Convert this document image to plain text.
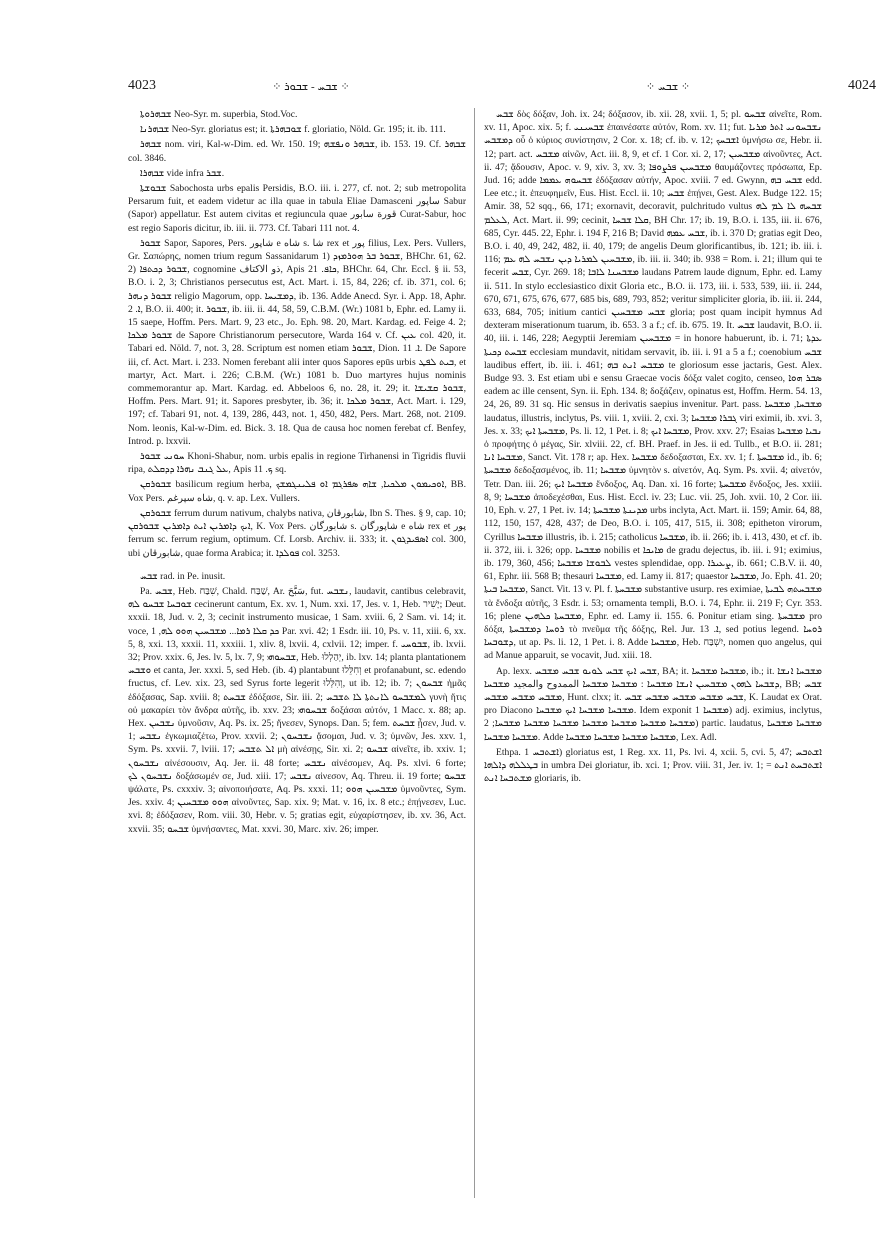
4023	⁘ ܫܒܚ - ܫܒܘܪ ⁘	⁘ ܫܒܚ ⁘	4024

ܫܒܗܪܘܬܐ Neo-Syr. m. superbia, Stod.Voc.

ܫܒܗܪܢܐ Neo-Syr. gloriatus est; it. ܫܘܒܗܪܬܐ f. gloriatio, Nöld. Gr. 195; it. ib. 111.

ܫܒܗܪ nom. viri, Kal-w-Dim. ed. Wr. 150. 19; ܫܒܗܪ ܘܢܦܫܗ, ib. 153. 19. Cf. ܫܒܗܪ col. 3846.

ܫܒܗܪܐ vide infra ܫܒܪ.

ܫܒܘܫܬܐ Sabochosta urbs epalis Persidis, B.O. iii. i. 277, cf. not. 2; sub metropolita Persarum fuit, et eadem videtur ac illa quae in tabula Eliae Damasceni ساپور Sabur (Sapor) appellatur. Est autem civitas et regiuncula quae قورة سابور Curat-Sabur, hoc est regio Saporis dicitur, ib. iii. ii. 773. Cf. Tabari 111 not. 4.

ܫܒܘܪ Sapor, Sapores, Pers. شاپور e شاه s. شا rex et پور filius, Lex. Pers. Vullers, Gr. Σαπώρης, nomen trium regum Sassanidarum 1) ܫܒܘܪ ܒܪ ܗܘܪܡܙܕ, BHChr. 61, 62. 2) ܫܒܘܪ ܕܟܬܦܐ, cognomine ذو الاكتاف, Apis ܟܐܦ. 21, BHChr. 64, Chr. Eccl. § ii. 53, B.O. i. 2, 3; Christianos persecutus est, Act. Mart. i. 15, 84, 226; cf. ib. 371, col. 6; ܫܒܘܪ ܕܢܗܪ religio Magorum, opp. ܕܡܫܝܚܐ, ib. 136. Adde Anecd. Syr. i. App. 18, Aphr. ܐ. 2, B.O. ii. 400; it. ܫܒܘܪ, ib. iii. ii. 44, 58, 59, C.B.M. (Wr.) 1081 b, Ephr. ed. Lamy ii. 15 saepe, Hoffm. Pers. Mart. 9, 23 etc., Jo. Eph. 98. 20, Mart. Kardag. ed. Feige 4. 2; ܫܒܘܪ ܡܠܟܐ de Sapore Christianorum persecutore, Warda 164 v. Cf. ܥܝܢ col. 420, it. Tabari ed. Nöld. 7, not. 3, 28. Scriptum est nomen etiam ܫܒܘܪ, Dion. ܐ. 11. De Sapore iii, cf. Act. Mart. i. 233. Nomen ferebant alii inter quos Sapores epūs urbis ܒܝܬ ܠܦܛ, et martyr, Act. Mart. i. 226; C.B.M. (Wr.) 1081 b. Duo martyres hujus nominis commemorantur ap. Mart. Kardag. ed. Abbeloos 6, no. 28, it. 29; it. ܫܒܘܪ ܩܫܝܫܐ, Hoffm. Pers. Mart. 91; it. Sapores presbyter, ib. 36; it. ܫܒܘܪ ܡܠܟܐ, Act. Mart. i. 129, 197; cf. Tabari 91, not. 4, 139, 286, 443, not. 1, 450, 482, Pers. Mart. 268, not. 2109. Nom. leonis, Kal-w-Dim. ed. Bick. 3. 18. Qua de causa hoc nomen ferebat cf. Benfey, Introd. p. lxxvii.

ܚܘܢܝ ܫܒܘܪ Khoni-Shabur, nom. urbis epalis in regione Tirhanensi in Tigridis fluvii ripa, ܥܠ ܓܢܒ ܢܗܪܐ ܕܕܩܠܬ, Apis ܟ. 11 sq.

ܫܒܘܪܩܢ basilicum regium herba, ܐܘܟܝܡܘܢ ܡܠܟܝܐ, ܫܐܗ ܣܦܪܓܡ ܐܘ ܦܠܝܢܓܡܫܟ, BB. Vox Pers. شاه سپرغم, q. v. ap. Lex. Vullers.

ܫܒܘܪܩܢ ferrum durum nativum, chalybs nativa, شابورقان, Ibn S. Thes. § 9, cap. 10; ܐܝܟ ܕܐܡܪܝܢ ܐܝܬ ܕܐܡܪܝܢ ܫܒܘܪܩܢ, K. Vox Pers. شابورگان s. شاپورگان e شاه rex et پور ferrum sc. ferrum regium, optimum. Cf. Lorsb. Archiv. ii. 333; it. ܐܣܦܝܕܓܘܢ col. 300, ubi شابورقان, quae forma Arabica; it. ܦܘܠܕܐ col. 3253.

ܫܒܚ rad. in Pe. inusit.

Pa. ܫܒܚ, Heb. שִׁבַּח, Chald. שַׁבַּח, Ar. سَبَّحَ, fut. ܢܫܒܚ, laudavit, cantibus celebravit, ܫܘܒܚܐ ܫܒܚܘ ܠܗ cecinerunt cantum, Ex. xv. 1, Num. xxi. 17, Jes. v. 1, Heb. יָשִׁיר; Deut. xxxii. 18, Jud. v. 2, 3; cecinit instrumento musicae, 1 Sam. xviii. 6, 2 Sam. vi. 14; it. voce, ܟܕ ܩܠܐ ܪܡܐ... ܡܫܒܚܝܢ ܗܘܘ ܠܗ, 1 Par. xvi. 42; 1 Esdr. iii. 10, Ps. v. 11, xiii. 6, xx. 5, 8, xxi. 13, xxxii. 11, xxxiii. 1, xliv. 8, lxvii. 4, cxlvii. 12; imper. f. ܫܒܘܚܝ, ib. lxvii. 32; Prov. xxix. 6, Jes. lv. 5, lx. 7, 9; ܫܒܚܘܗܝ, Heb. יְהַלְלוּ, ib. lxv. 14; planta plantationem ܘܫܒܚ et canta, Jer. xxxi. 5, sed Heb. (ib. 4) plantabunt וְחִלֵּלוּ et profanabunt, sc. edendo fructus, cf. Lev. xix. 23, sed Syrus forte legerit וְהִלְּלוּ, ut ib. 12; ib. 7; ܫܒܚܘܢ ἡμᾶς ἐδόξασας, Sap. xviii. 8; ܫܒܚܬ ἐδόξασε, Sir. iii. 2; ܠܡܫܒܚܘ ܠܐܢܬܬܐ ܠܐ ܬܫܒܚ γυνὴ ἥτις οὐ μακαρίει τὸν ἄνδρα αὐτῆς, ib. xxv. 23; ܫܒܚܘܗܝ δοξάσαι αὐτόν, 1 Macc. x. 88; ap. Hex. ܢܫܒܚܢ ὑμνοῦσιν, Aq. Ps. ix. 25; ἤνεσεν, Synops. Dan. 5; fem. ܫܒܚܬ ᾖσεν, Jud. v. 1; ܢܫܒܚ ἐγκωμιαζέτω, Prov. xxvii. 2; ܢܫܒܚܘܢ ᾄσομαι, Jud. v. 3; ὑμνῶν, Jes. xxv. 1, Sym. Ps. xxvii. 7, lviii. 17; ܐܠ ܬܫܒܚ μὴ αἰνέσῃς, Sir. xi. 2; ܫܒܚܘ αἰνεῖτε, ib. xxiv. 1; ܢܫܒܚܘܢ αἰνέσουσιν, Aq. Jer. ii. 48 forte; ܢܫܒܚ αἰνέσομεν, Aq. Ps. xlvi. 6 forte; ܢܫܒܚܘܢ ܠܟ δοξάσωμέν σε, Jud. xiii. 17; ܢܫܒܚ αἰνεσον, Aq. Threu. ii. 19 forte; ܫܒܚܘ ψάλατε, Ps. cxxxiv. 3; αἰνοποιήσατε, Aq. Ps. xxxi. 11; ܡܫܒܚܝܢ ܗܘܘ ὑμνοῦντες, Sym. Jes. xxiv. 4; ܗܘܘ ܡܫܒܚܝܢ αἰνοῦντες, Sap. xix. 9; Mat. v. 16, ix. 8 etc.; ἐπῄνεσεν, Luc. xvi. 8; ἐδόξασεν, Rom. viii. 30, Hebr. v. 5; gratias egit, εὐχαρίστησεν, ib. xv. 36, Act. xxvii. 35; ܫܒܚܘ ὑμνήσαντες, Mat. xxvi. 30, Marc. xiv. 26; imper.

ܫܒܚ δὸς δόξαν, Joh. ix. 24; δόξασον, ib. xii. 28, xvii. 1, 5; pl. ܫܒܚܘ αἰνεῖτε, Rom. xv. 11, Apoc. xix. 5; f. ܫܒܚܝܢܝ ἐπαινέσατε αὐτόν, Rom. xv. 11; fut. ܢܫܒܚܘܢܝ ܐܬܪ ܡܪܝܐ ܕܡܫܒܚ οὗ ὁ κύριος συνίστησιν, 2 Cor. x. 18; cf. ib. v. 12; ܐܫܒܚܟ ὑμνήσω σε, Hebr. ii. 12; part. act. ܡܫܒܚ αἰνῶν, Act. iii. 8, 9, et cf. 1 Cor. xi. 2, 17; ܡܫܒܚܝܢ αἰνοῦντες, Act. ii. 47; ᾄδουσιν, Apoc. v. 9, xiv. 3, xv. 3; ܡܫܒܚܝܢ ܦܪܨܘܦܐ θαυμάζοντες πρόσωπα, Ep. Jud. 16; adde ܫܒܚܘܗ ܥܡܡܐ ἐδόξασαν αὐτήν, Apoc. xviii. 7 ed. Gwynn, ܫܒܚ ܒܗ edd. Lee etc.; it. ἐπευφημεῖν, Eus. Hist. Eccl. ii. 10; ܫܒܚ ἐπῄνει, Gest. Alex. Budge 122. 15; Amir. 38, 52 sqq., 66, 171; exornavit, decoravit, pulchritudo vultus ܫܒܚܗ ܠܐ ܠܡ ܠܗ ܠܥܠܡ, Act. Mart. ii. 99; cecinit, ܩܠܐ ܫܒܚܐ, BH Chr. 17; ib. 19, B.O. i. 135, iii. ii. 676, 685, Cyr. 445. 22, Ephr. i. 194 F, 216 B; David ܫܒܚ ܥܡܗ, ib. i. 370 D; gratias egit Deo, B.O. i. 40, 49, 242, 482, ii. 40, 179; de angelis Deum glorificantibus, ib. 121; ib. iii. i. 116; ܡܫܒܚܝܢ ܠܡܪܝܐ ܕܝܢ ܢܫܒܚ ܠܗ ܥܡ, ib. iii. ii. 340; ib. 938 = Rom. i. 21; illum qui te fecerit ܫܒܚ, Cyr. 269. 18; ܡܫܒܚܢܐ ܠܐܒܐ laudans Patrem laude dignum, Ephr. ed. Lamy ii. 511. In stylo ecclesiastico dixit Gloria etc., B.O. ii. 173, iii. i. 533, 539, iii. ii. 244, 670, 671, 675, 676, 677, 685 bis, 689, 793, 852; veritur simpliciter gloria, ib. iii. ii. 244, 633, 684, 705; initium cantici ܫܒܚ ܡܫܒܚܝܢ gloria; post quam incipit hymnus Ad dexteram miserationum tuarum, ib. 653. 3 a f.; cf. ib. 675. 19. It. ܫܒܚ laudavit, B.O. ii. 40, iii. i. 146, 228; Aegyptii Jeremiam ܡܫܒܚܝܢ = in honore habuerunt, ib. i. 71; ܥܕܬܐ ܫܒܚܬ ܕܟܝܬܐ ecclesiam mundavit, nitidam servavit, ib. iii. i. 91 a 5 a f.; coenobium ܫܒܚ laudibus effert, ib. iii. i. 461; ܡܫܒܚ ܐܢܬ ܒܗ te gloriosum esse jactaris, Gest. Alex. Budge 93. 3. Est etiam ubi e sensu Graecae vocis δόξα valet cogito, censeo, ܣܒܪ ܗܘܐ eadem ac ille censent, Syn. ii. Eph. 134. 8; δοξάζειν, opinatus est, Hoffm. Herm. 54. 13, 24, 26, 89. 31 sq. Hic sensus in derivatis saepius invenitur. Part. pass. ܡܫܒܚܐ, ܡܫܒܚܐ laudatus, illustris, inclytus, Ps. viii. 1, xviii. 2, cxi. 3; ܓܒܪܐ ܡܫܒܚܐ viri eximii, ib. xvi. 3, Jes. x. 33; ܡܫܒܚܬܐ ܐܝܟ, Ps. li. 12, 1 Pet. i. 8; ܡܫܒܚܐ ܐܝܟ, Prov. xxv. 27; Esaias ܢܒܝܐ ܡܫܒܚܐ ὁ προφήτης ὁ μέγας, Sir. xlviii. 22, cf. BH. Praef. in Jes. ii ed. Tullb., et B.O. ii. 281; ܡܫܒܚܐ ܐܢܐ, Sanct. Vit. 178 r; ap. Hex. ܡܫܒܚܐ δεδοξασται, Ex. xv. 1; f. ܡܫܒܚܬܐ id., ib. 6; ܡܫܒܚܬܐ δεδοξασμένος, ib. 11; ܡܫܒܚܐ ὑμνητὸν s. αἰνετόν, Aq. Sym. Ps. xvii. 4; αἰνετόν, Tetr. Dan. iii. 26; ܡܫܒܚܐ ܐܝܟ ἔνδοξος, Aq. Dan. xi. 16 forte; ܡܫܒܚܬܐ ἔνδοξος, Jes. xxiii. 8, 9; ܡܫܒܚܐ ἀποδεχέσθαι, Eus. Hist. Eccl. iv. 23; Luc. vii. 25, Joh. xvii. 10, 2 Cor. iii. 10, Eph. v. 27, 1 Pet. iv. 14; ܡܕܝܢܬܐ ܡܫܒܚܬܐ urbs inclyta, Act. Mart. ii. 159; Amir. 64, 88, 112, 150, 157, 428, 437; de Deo, B.O. i. 105, 417, 515, ii. 308; epitheton virorum, Cyrillus ܡܫܒܚܐ illustris, ib. i. 215; catholicus ܡܫܒܚܐ, ib. ii. 266; ib. i. 413, 430, et cf. ib. ii. 372, iii. i. 326; opp. ܡܫܒܚܐ nobilis et ܡܐܝܟܐ de gradu dejectus, ib. iii. i. 91; eximius, ib. 179, 360, 456; ܠܒܘܫܐ ܡܫܒܚܐ vestes splendidae, opp. ܨܥܝܪܐ, ib. 661; C.B.V. ii. 40, 61, Ephr. iii. 568 B; thesauri ܡܫܒܚܐ, ed. Lamy ii. 817; quaestor ܡܫܒܚܐ, Jo. Eph. 41. 20; ܡܫܒܚܐ ܒܝܬܐ, Sanct. Vit. 13 v. Pl. f. ܡܫܒܚܬܐ substantive usurp. res eximiae, ܡܫܒܚܬܗ ܠܒܝܬܐ τὰ ἔνδοξα αὐτῆς, 3 Esdr. i. 53; ornamenta templi, B.O. i. 74, Ephr. ii. 219 F; Cyr. 353. 16; plene ܡܫܒܚܬܐ ܟܠܗܝܢ, Ephr. ed. Lamy ii. 155. 6. Ponitur etiam sing. ܡܫܒܚܬܐ pro δόξα, ܪܘܚܐ ܕܡܫܒܚܬܐ τὸ πνεῦμα τῆς δόξης, Rel. Jur. ܐ. 13, sed potius legend. ܪܘܚܐ ܕܫܘܒܚܐ, ut ap. Ps. li. 12, 1 Pet. i. 8. Adde ܡܫܒܚܐ, Heb. יִשְׁבַּח, nomen quo angelus, qui ad Manue apparuit, se vocavit, Jud. xiii. 18.

Ap. lexx. ܫܒܚ ܐܝܟ ܫܒܚ ܠܘܝܘ ܫܒܚ ܡܫܒܚ, BA; it. ܡܫܒܚܐ ܡܫܒܚܐ, ib.; it. ܡܫܒܚܐ ܐܢܫܐ ܕܫܒܚܐ ܠܗܘܢ ܡܫܒܚܝܢ ܐܢܫܐ ܡܫܒܚܐ : ܡܫܒܚܐ ܡܫܒܚܐ الممدوح والمجيد ܡܫܒܚܐ, BB; ܫܒܚ ܡܫܒܚ ܡܫܒܚ ܡܫܒܚ, Hunt. clxx; it. ܫܒܚ ܡܫܒܚ ܡܫܒܚ ܡܫܒܚ ܫܒܚ, K. Laudat ex Orat. pro Diacono ܡܫܒܚܐ ܡܫܒܚܐ ܐܝܟ ܡܫܒܚܐ. Idem exponit ܡܫܒܚܐ 1) adj. eximius, inclytus, ܡܫܒܚܐ ܡܫܒܚܐ ܡܫܒܚܐ ܡܫܒܚܐ ܡܫܒܚܐ ܡܫܒܚܐ ܡܫܒܚܐ; 2) partic. laudatus, ܡܫܒܚܐ ܡܫܒܚܐ ܡܫܒܚܐ ܡܫܒܚܐ. Adde ܡܫܒܚܐ ܡܫܒܚܐ ܡܫܒܚܐ ܡܫܒܚܐ, Lex. Adl.

Ethpa. ܐܫܬܒܚ 1) gloriatus est, 1 Reg. xx. 11, Ps. lvi. 4, xcii. 5, cvi. 5, 47; ܐܫܬܒܚ ܒܛܠܠܗ ܕܐܠܗܐ in umbra Dei gloriatur, ib. xci. 1; Prov. viii. 31, Jer. iv. 1; ܐܫܬܒܚܬ ܐܢܬ = ܡܫܬܒܚܐ ܐܢܬ gloriaris, ib.
